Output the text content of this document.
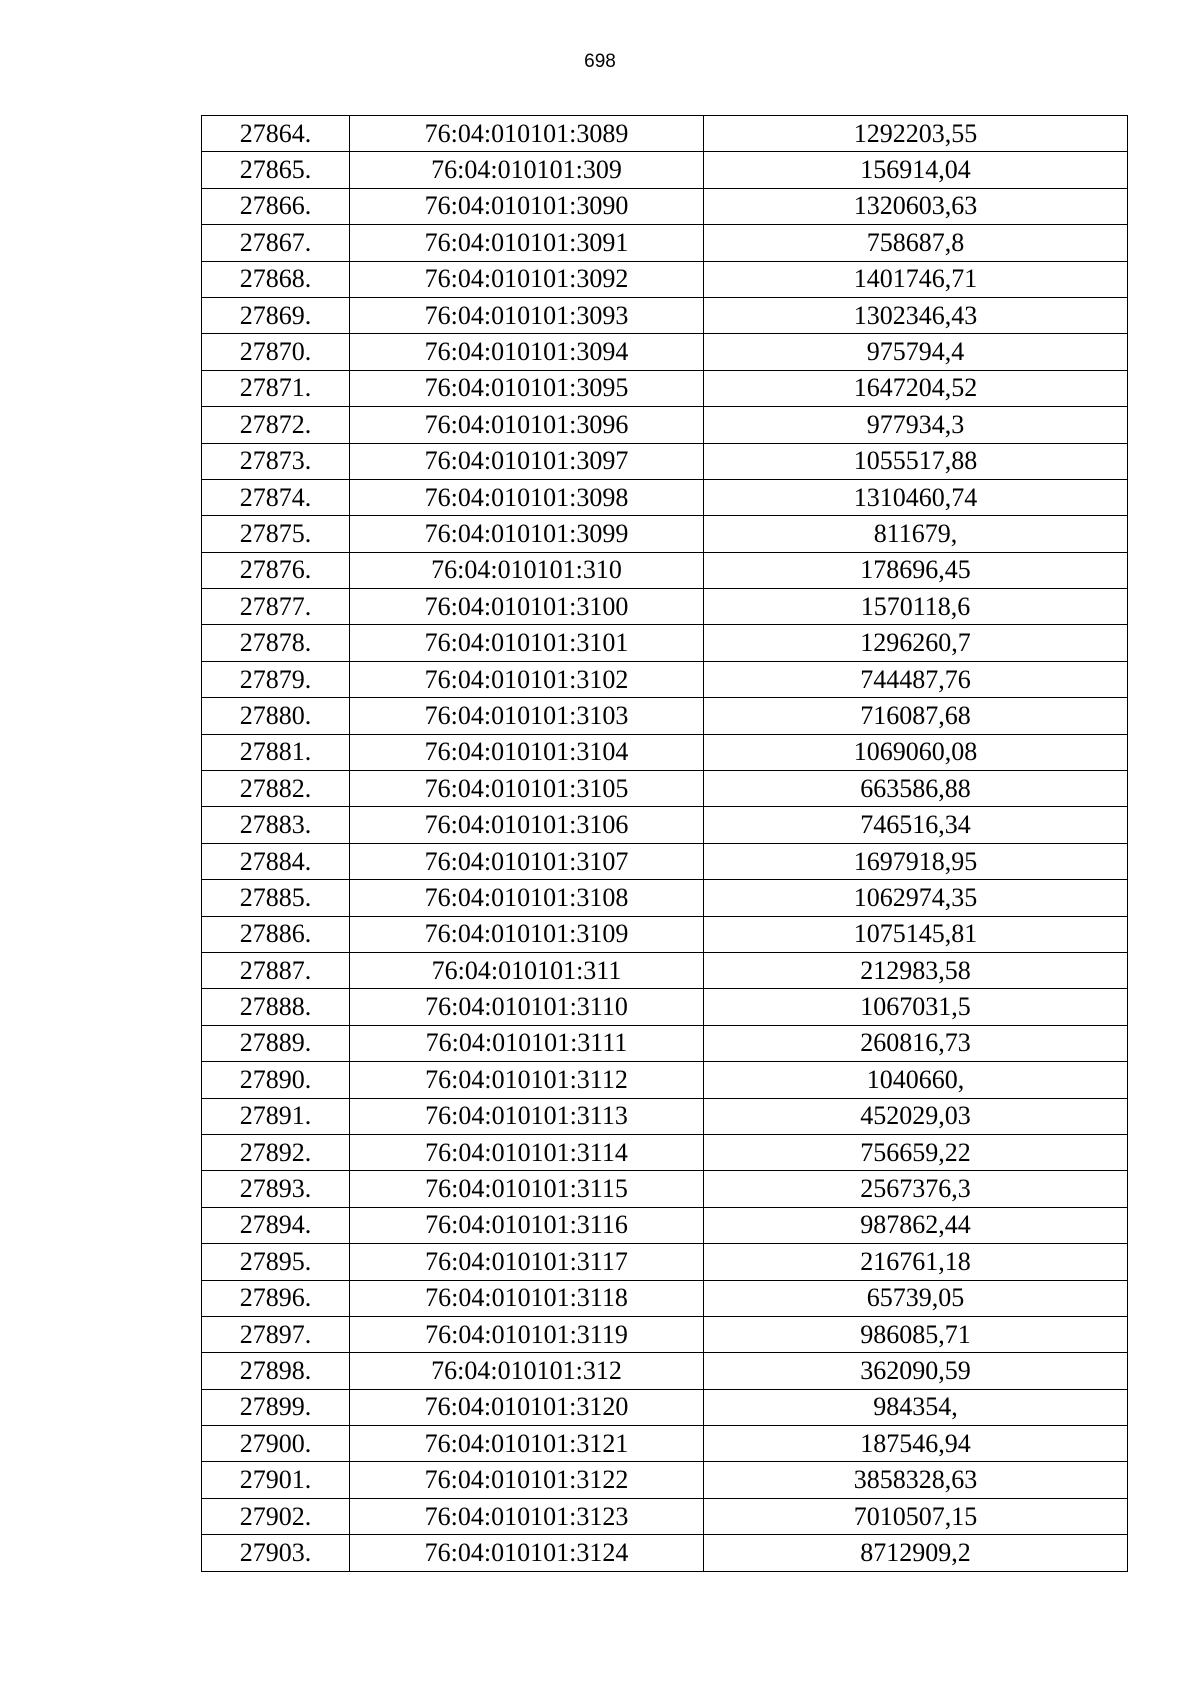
698
27864.	76:04:010101:3089	1292203,55
27865.	76:04:010101:309	156914,04
27866.	76:04:010101:3090	1320603,63
27867.	76:04:010101:3091	758687,8
27868.	76:04:010101:3092	1401746,71
27869.	76:04:010101:3093	1302346,43
27870.	76:04:010101:3094	975794,4
27871.	76:04:010101:3095	1647204,52
27872.	76:04:010101:3096	977934,3
27873.	76:04:010101:3097	1055517,88
27874.	76:04:010101:3098	1310460,74
27875.	76:04:010101:3099	811679,
27876.	76:04:010101:310	178696,45
27877.	76:04:010101:3100	1570118,6
27878.	76:04:010101:3101	1296260,7
27879.	76:04:010101:3102	744487,76
27880.	76:04:010101:3103	716087,68
27881.	76:04:010101:3104	1069060,08
27882.	76:04:010101:3105	663586,88
27883.	76:04:010101:3106	746516,34
27884.	76:04:010101:3107	1697918,95
27885.	76:04:010101:3108	1062974,35
27886.	76:04:010101:3109	1075145,81
27887.	76:04:010101:311	212983,58
27888.	76:04:010101:3110	1067031,5
27889.	76:04:010101:3111	260816,73
27890.	76:04:010101:3112	1040660,
27891.	76:04:010101:3113	452029,03
27892.	76:04:010101:3114	756659,22
27893.	76:04:010101:3115	2567376,3
27894.	76:04:010101:3116	987862,44
27895.	76:04:010101:3117	216761,18
27896.	76:04:010101:3118	65739,05
27897.	76:04:010101:3119	986085,71
27898.	76:04:010101:312	362090,59
27899.	76:04:010101:3120	984354,
27900.	76:04:010101:3121	187546,94
27901.	76:04:010101:3122	3858328,63
27902.	76:04:010101:3123	7010507,15
27903.	76:04:010101:3124	8712909,2
